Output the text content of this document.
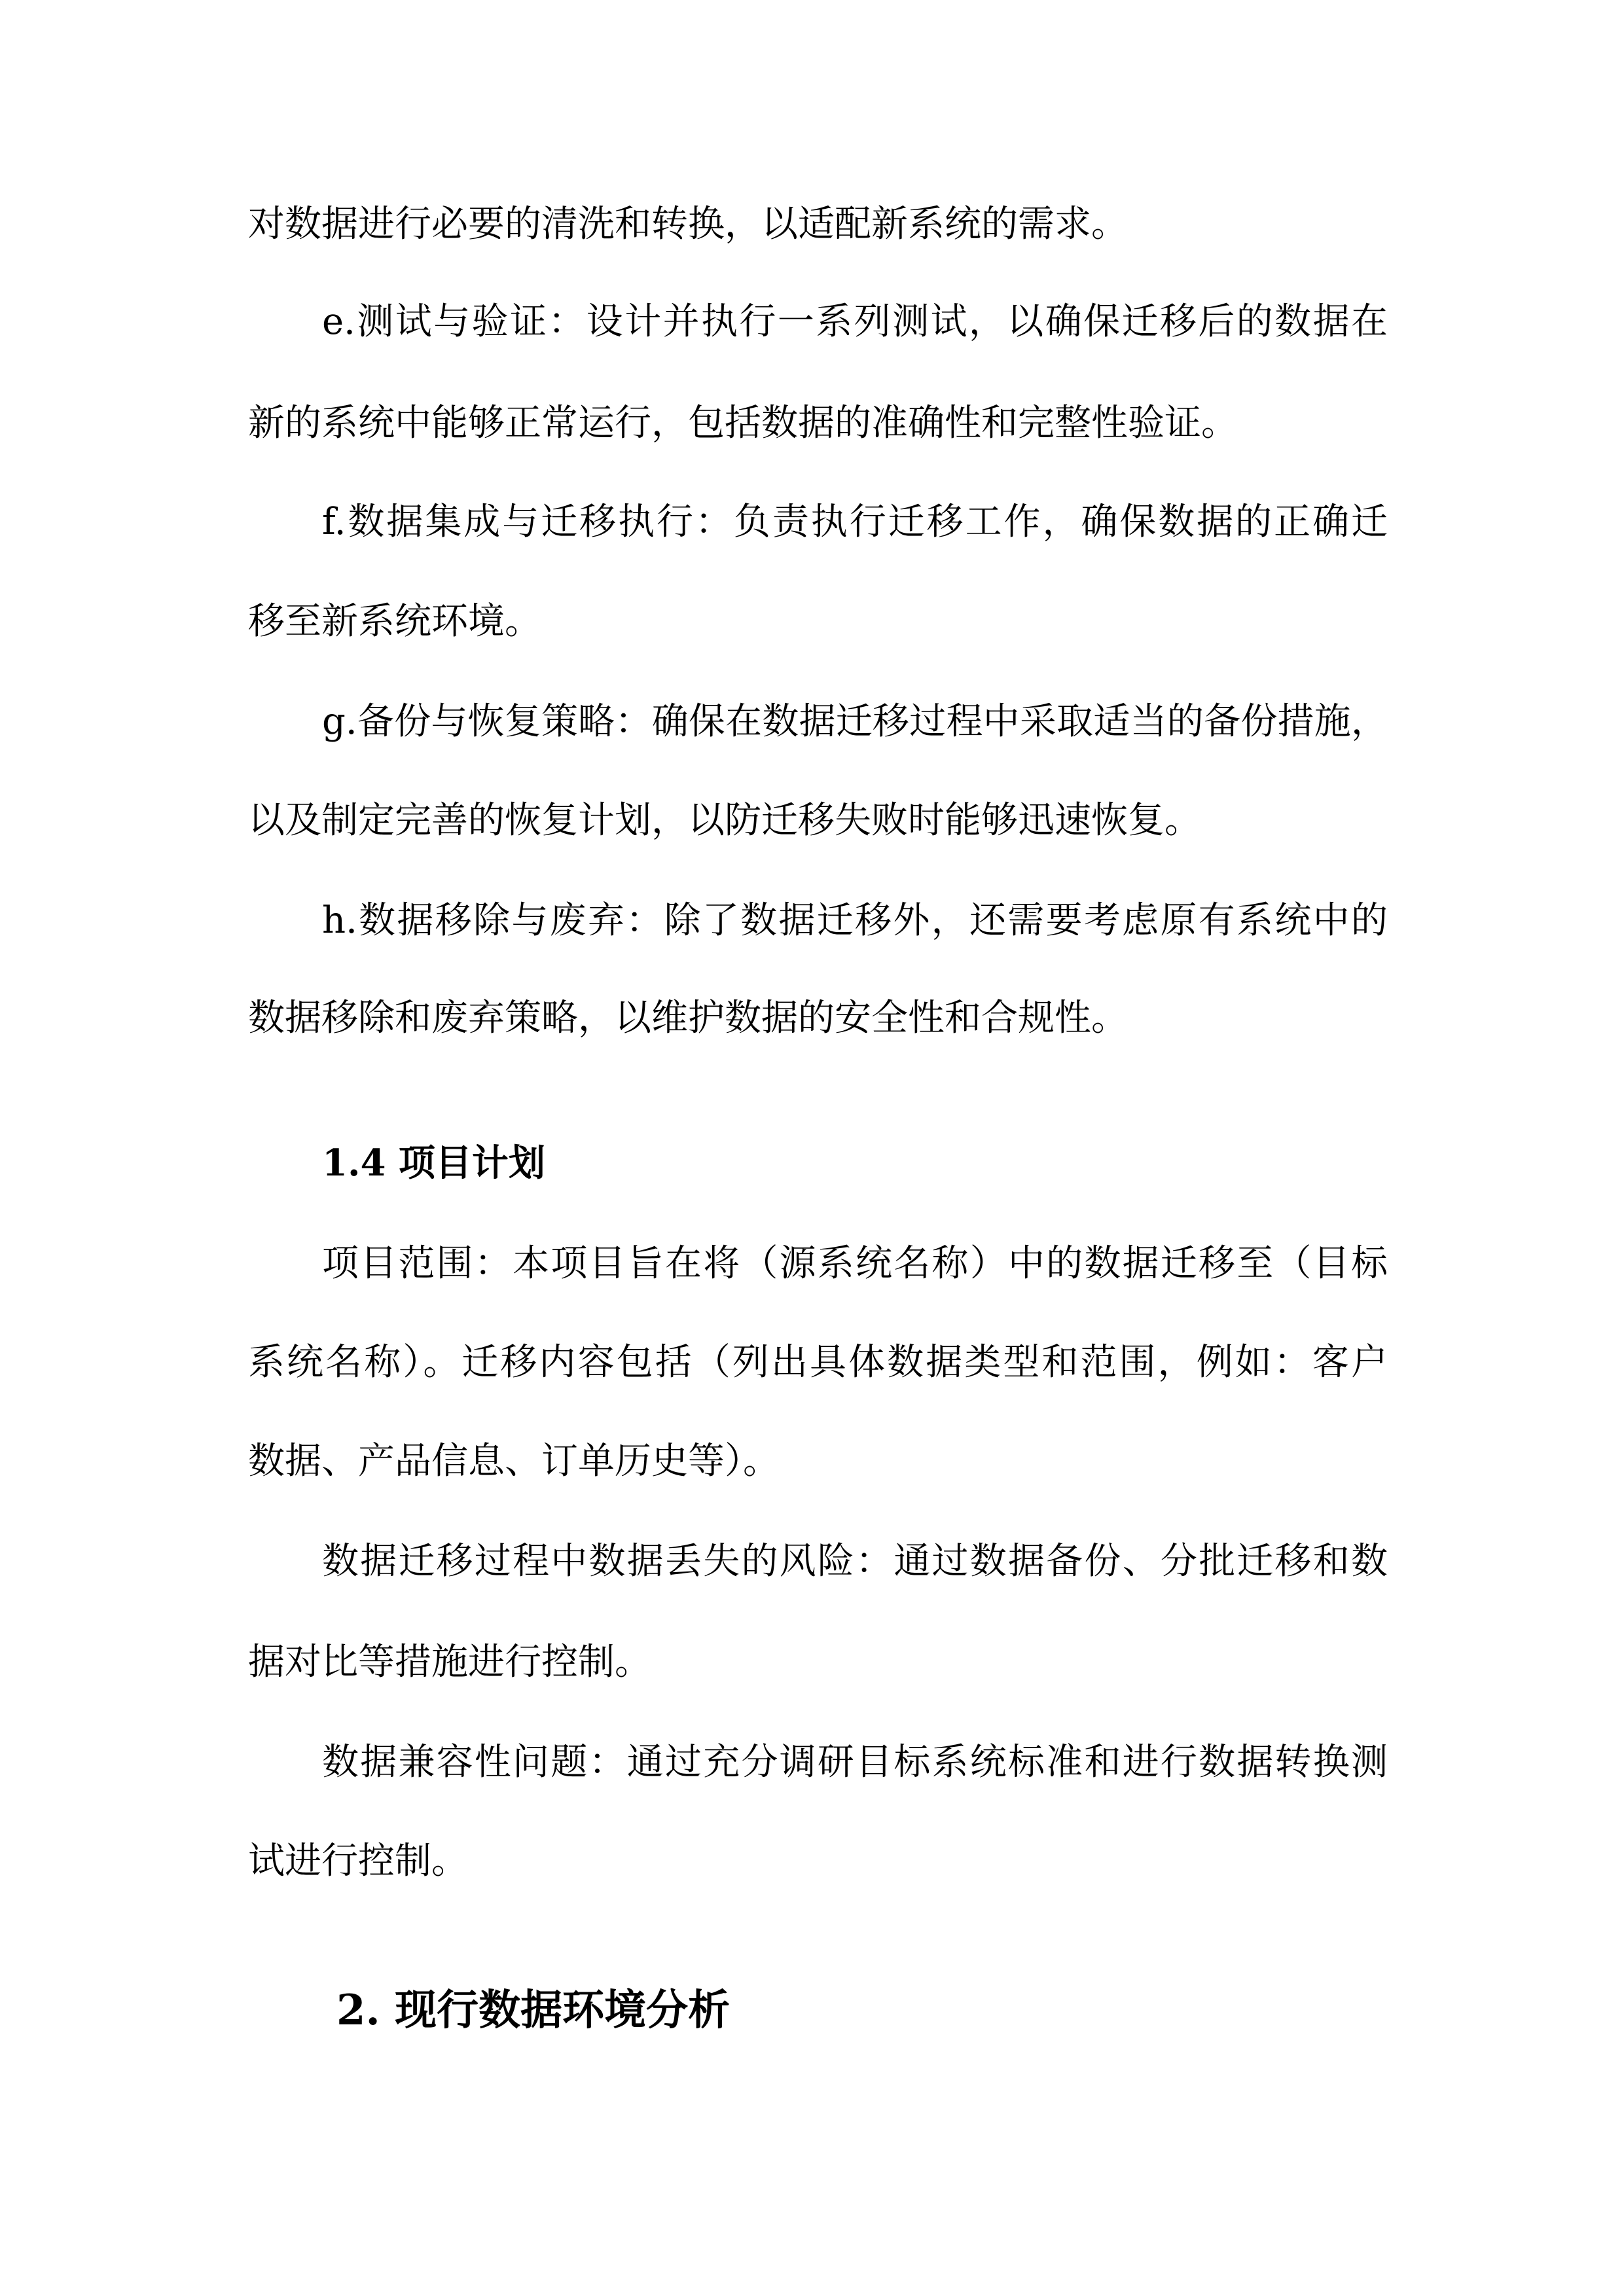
对数据进行必要的清洗和转换，以适配新系统的需求。
e.测试与验证：设计并执行一系列测试，以确保迁移后的数据在
新的系统中能够正常运行，包括数据的准确性和完整性验证。
f.数据集成与迁移执行：负责执行迁移工作，确保数据的正确迁
移至新系统环境。
g.备份与恢复策略：确保在数据迁移过程中采取适当的备份措施，
以及制定完善的恢复计划，以防迁移失败时能够迅速恢复。
h.数据移除与废弃：除了数据迁移外，还需要考虑原有系统中的
数据移除和废弃策略，以维护数据的安全性和合规性。
1.4 项目计划
项目范围：本项目旨在将（源系统名称）中的数据迁移至（目标
系统名称）。迁移内容包括（列出具体数据类型和范围，例如：客户
数据、产品信息、订单历史等）。
数据迁移过程中数据丢失的风险：通过数据备份、分批迁移和数
据对比等措施进行控制。
数据兼容性问题：通过充分调研目标系统标准和进行数据转换测
试进行控制。
2. 现行数据环境分析
